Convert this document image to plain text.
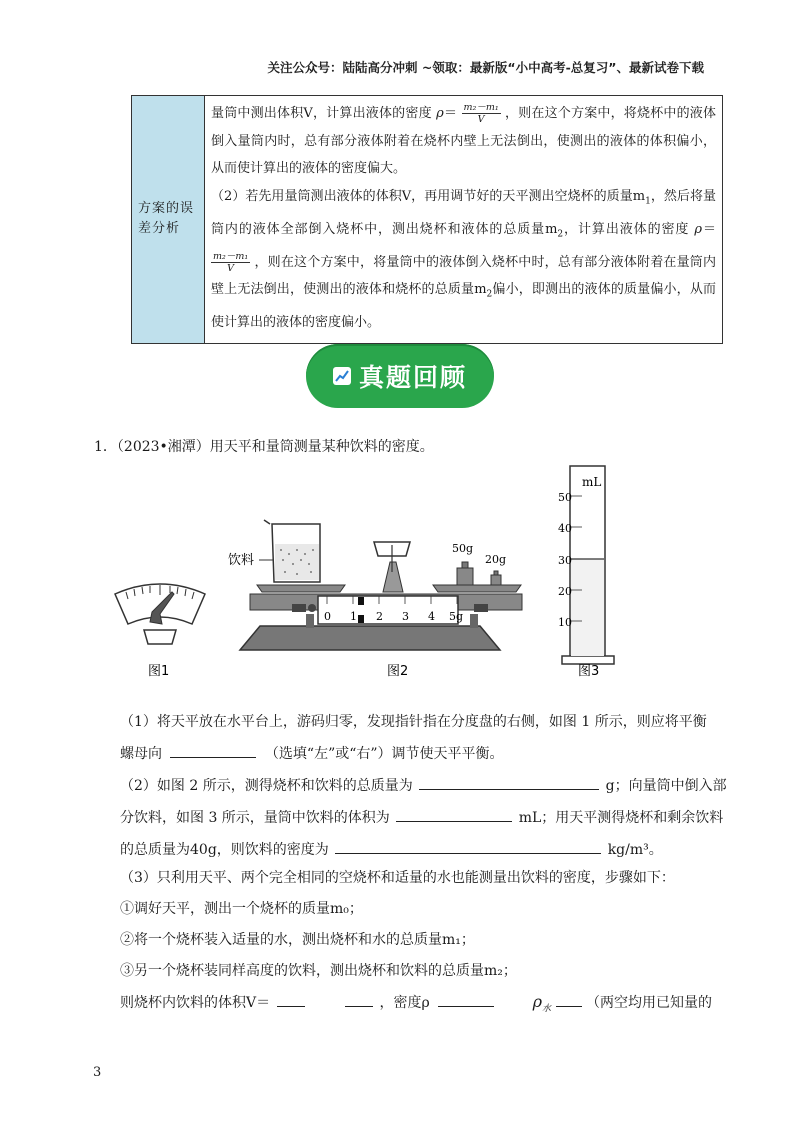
关注公众号：陆陆高分冲刺 ~领取：最新版“小中高考-总复习”、最新试卷下载
方案的误差分析	量筒中测出体积V，计算出液体的密度 $\rho= \frac{\text{m₂－m₁}}{V}$ ，则在这个方案中，将烧杯中的液体倒入量筒内时，总有部分液体附着在烧杯内壁上无法倒出，使测出的液体的体积偏小，从而使计算出的液体的密度偏大。
（2）若先用量筒测出液体的体积V，再用调节好的天平测出空烧杯的质量$m_1$，然后将量筒内的液体全部倒入烧杯中，测出烧杯和液体的总质量$m_2$，计算出液体的密度 ρ＝
$\frac{\text{m₂－m₁}}{V}$ ，则在这个方案中，将量筒中的液体倒入烧杯中时，总有部分液体附着在量筒内壁上无法倒出，使测出的液体和烧杯的总质量$m_2$偏小，即测出的液体的质量偏小，从而使计算出的液体的密度偏小。
真题回顾
1．（2023•湘潭）用天平和量筒测量某种饮料的密度。
图1
0 1 2 3 4 5g
饮料
50g
20g
图2
mL
50
40
30
20
10
图3
（1）将天平放在水平台上，游码归零，发现指针指在分度盘的右侧，如图 1 所示，则应将平衡
螺母向	（选填“左”或“右”）调节使天平平衡。
（2）如图 2 所示，测得烧杯和饮料的总质量为	g；向量筒中倒入部
分饮料，如图 3 所示，量筒中饮料的体积为	mL；用天平测得烧杯和剩余饮料
的总质量为40g，则饮料的密度为	kg/m³。
（3）只利用天平、两个完全相同的空烧杯和适量的水也能测量出饮料的密度，步骤如下：
①调好天平，测出一个烧杯的质量m₀；
②将一个烧杯装入适量的水，测出烧杯和水的总质量m₁；
③另一个烧杯装同样高度的饮料，测出烧杯和饮料的总质量m₂；
则烧杯内饮料的体积V＝	，密度ρ	$\rho_水$ （两空均用已知量的
3
